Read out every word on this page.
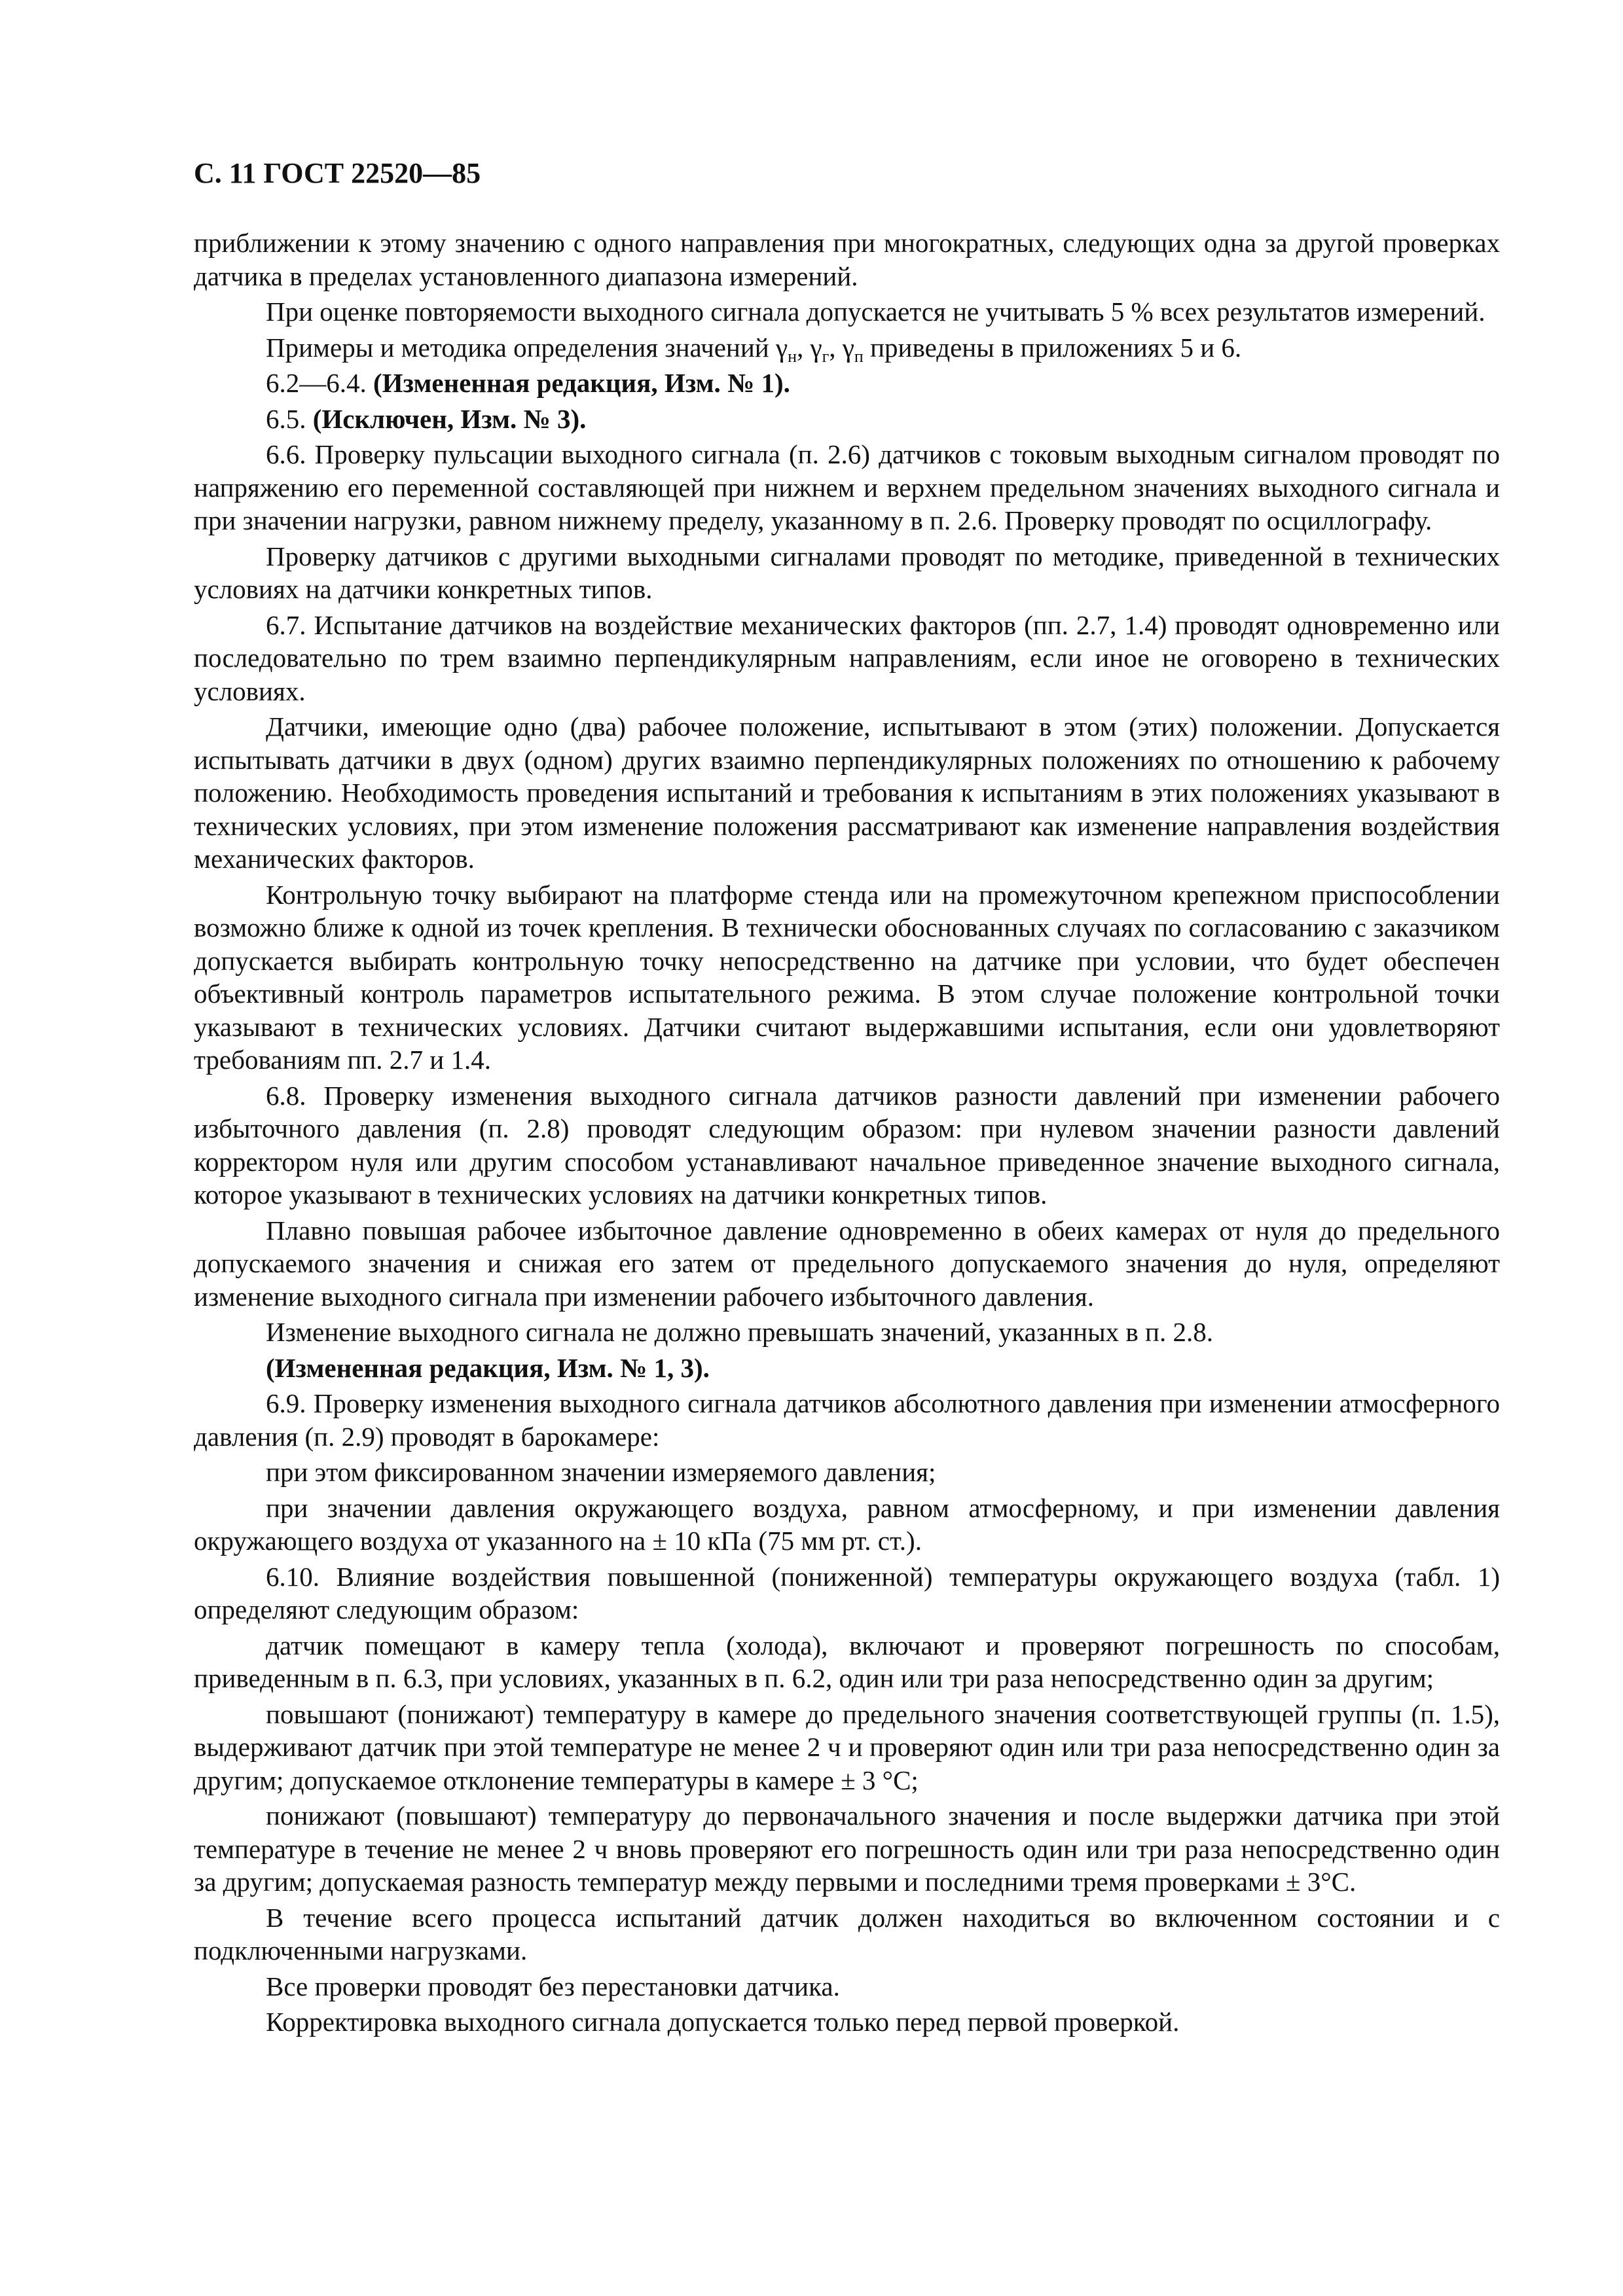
С. 11 ГОСТ 22520—85

приближении к этому значению с одного направления при многократных, следующих одна за другой проверках датчика в пределах установленного диапазона измерений.

При оценке повторяемости выходного сигнала допускается не учитывать 5 % всех результатов измерений.

Примеры и методика определения значений $\gamma_н$, $\gamma_г$, $\gamma_п$ приведены в приложениях 5 и 6.

6.2—6.4. (Измененная редакция, Изм. № 1).

6.5. (Исключен, Изм. № 3).

6.6. Проверку пульсации выходного сигнала (п. 2.6) датчиков с токовым выходным сигналом проводят по напряжению его переменной составляющей при нижнем и верхнем предельном значениях выходного сигнала и при значении нагрузки, равном нижнему пределу, указанному в п. 2.6. Проверку проводят по осциллографу.

Проверку датчиков с другими выходными сигналами проводят по методике, приведенной в технических условиях на датчики конкретных типов.

6.7. Испытание датчиков на воздействие механических факторов (пп. 2.7, 1.4) проводят одновременно или последовательно по трем взаимно перпендикулярным направлениям, если иное не оговорено в технических условиях.

Датчики, имеющие одно (два) рабочее положение, испытывают в этом (этих) положении. Допускается испытывать датчики в двух (одном) других взаимно перпендикулярных положениях по отношению к рабочему положению. Необходимость проведения испытаний и требования к испытаниям в этих положениях указывают в технических условиях, при этом изменение положения рассматривают как изменение направления воздействия механических факторов.

Контрольную точку выбирают на платформе стенда или на промежуточном крепежном приспособлении возможно ближе к одной из точек крепления. В технически обоснованных случаях по согласованию с заказчиком допускается выбирать контрольную точку непосредственно на датчике при условии, что будет обеспечен объективный контроль параметров испытательного режима. В этом случае положение контрольной точки указывают в технических условиях. Датчики считают выдержавшими испытания, если они удовлетворяют требованиям пп. 2.7 и 1.4.

6.8. Проверку изменения выходного сигнала датчиков разности давлений при изменении рабочего избыточного давления (п. 2.8) проводят следующим образом: при нулевом значении разности давлений корректором нуля или другим способом устанавливают начальное приведенное значение выходного сигнала, которое указывают в технических условиях на датчики конкретных типов.

Плавно повышая рабочее избыточное давление одновременно в обеих камерах от нуля до предельного допускаемого значения и снижая его затем от предельного допускаемого значения до нуля, определяют изменение выходного сигнала при изменении рабочего избыточного давления.

Изменение выходного сигнала не должно превышать значений, указанных в п. 2.8.

(Измененная редакция, Изм. № 1, 3).

6.9. Проверку изменения выходного сигнала датчиков абсолютного давления при изменении атмосферного давления (п. 2.9) проводят в барокамере:

при этом фиксированном значении измеряемого давления;

при значении давления окружающего воздуха, равном атмосферному, и при изменении давления окружающего воздуха от указанного на ± 10 кПа (75 мм рт. ст.).

6.10. Влияние воздействия повышенной (пониженной) температуры окружающего воздуха (табл. 1) определяют следующим образом:

датчик помещают в камеру тепла (холода), включают и проверяют погрешность по способам, приведенным в п. 6.3, при условиях, указанных в п. 6.2, один или три раза непосредственно один за другим;

повышают (понижают) температуру в камере до предельного значения соответствующей группы (п. 1.5), выдерживают датчик при этой температуре не менее 2 ч и проверяют один или три раза непосредственно один за другим; допускаемое отклонение температуры в камере ± 3 °С;

понижают (повышают) температуру до первоначального значения и после выдержки датчика при этой температуре в течение не менее 2 ч вновь проверяют его погрешность один или три раза непосредственно один за другим; допускаемая разность температур между первыми и последними тремя проверками ± 3°С.

В течение всего процесса испытаний датчик должен находиться во включенном состоянии и с подключенными нагрузками.

Все проверки проводят без перестановки датчика.

Корректировка выходного сигнала допускается только перед первой проверкой.
